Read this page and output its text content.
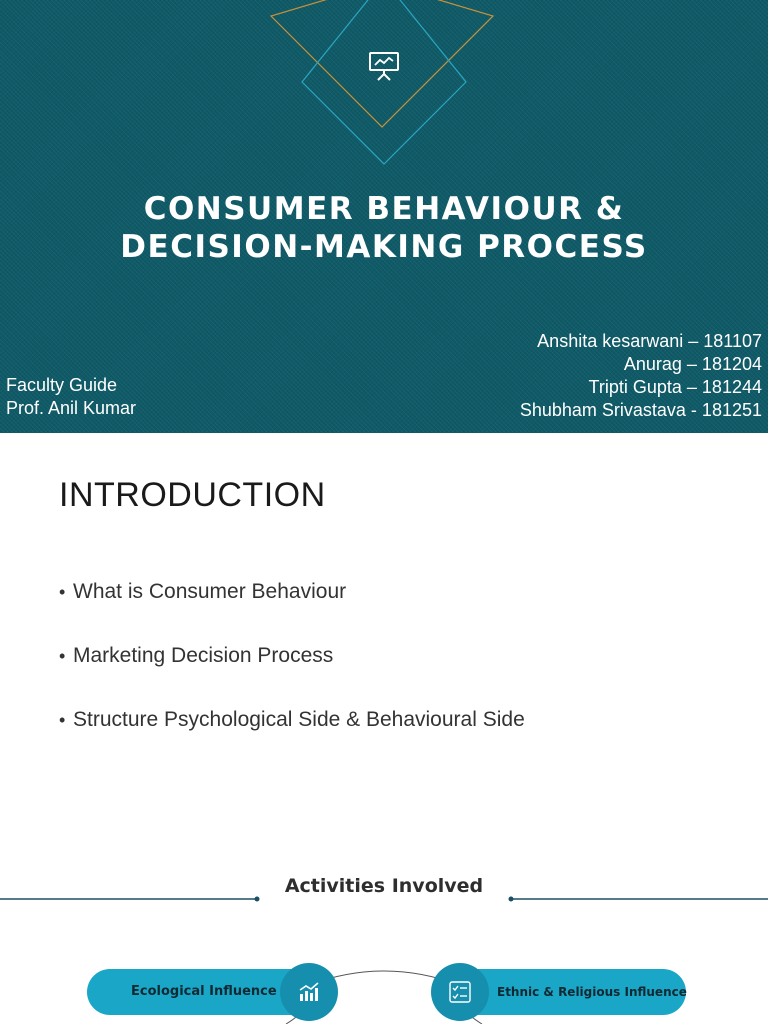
CONSUMER BEHAVIOUR &
DECISION-MAKING PROCESS
Faculty Guide
Prof. Anil Kumar
Anshita kesarwani – 181107
Anurag – 181204
Tripti Gupta – 181244
Shubham Srivastava - 181251
INTRODUCTION
• What is Consumer Behaviour
• Marketing Decision Process
• Structure Psychological Side & Behavioural Side
Activities Involved
Ecological Influence	Ethnic & Religious Influence
